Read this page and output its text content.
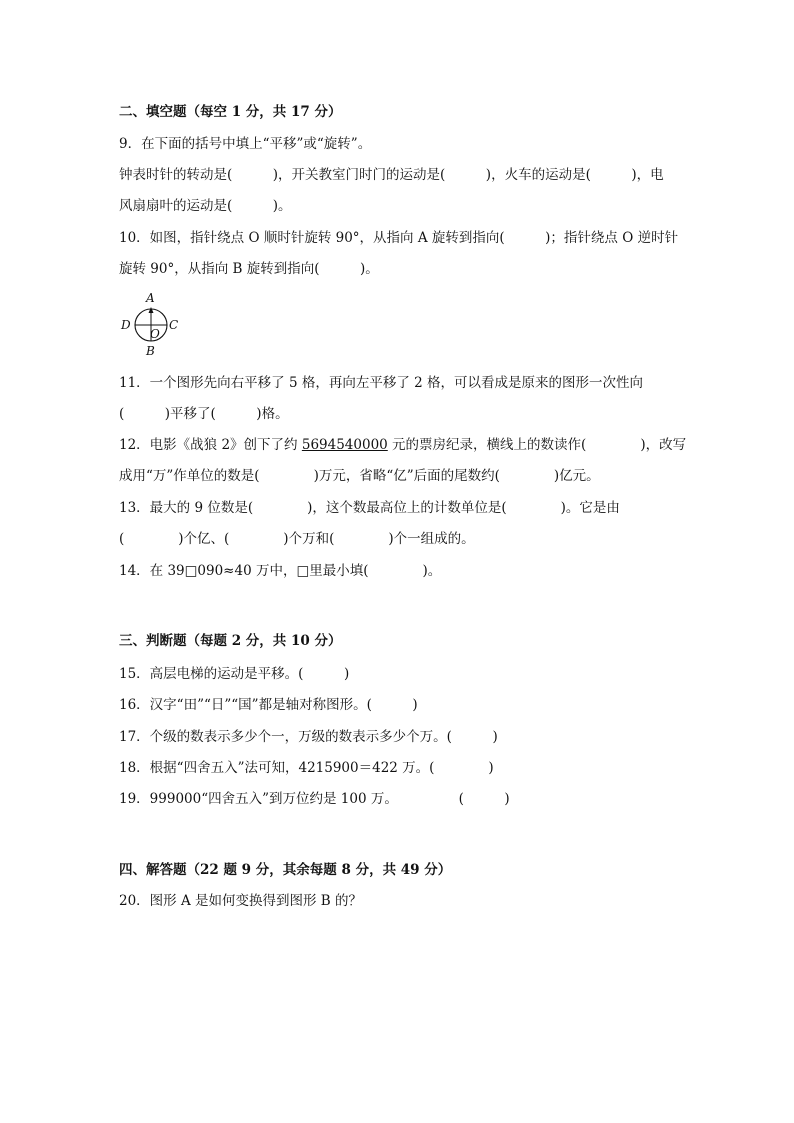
二、填空题（每空 1 分，共 17 分）
9．在下面的括号中填上“平移”或“旋转”。
钟表时针的转动是(　　　)，开关教室门时门的运动是(　　　)，火车的运动是(　　　)，电
风扇扇叶的运动是(　　　)。
10．如图，指针绕点 O 顺时针旋转 90°，从指向 A 旋转到指向(　　　)；指针绕点 O 逆时针
旋转 90°，从指向 B 旋转到指向(　　　)。
A
B
C
D
O
11．一个图形先向右平移了 5 格，再向左平移了 2 格，可以看成是原来的图形一次性向
(　　　)平移了(　　　)格。
12．电影《战狼 2》创下了约 5694540000 元的票房纪录，横线上的数读作(　　　　)，改写
成用“万”作单位的数是(　　　　)万元，省略“亿”后面的尾数约(　　　　)亿元。
13．最大的 9 位数是(　　　　)，这个数最高位上的计数单位是(　　　　)。它是由
(　　　　)个亿、(　　　　)个万和(　　　　)个一组成的。
14．在 39□090≈40 万中，□里最小填(　　　　)。
三、判断题（每题 2 分，共 10 分）
15．高层电梯的运动是平移。(　　　)
16．汉字“田”“日”“国”都是轴对称图形。(　　　)
17．个级的数表示多少个一，万级的数表示多少个万。(　　　)
18．根据“四舍五入”法可知，4215900＝422 万。(　　　　)
19．999000“四舍五入”到万位约是 100 万。　　　　　(　　　)
四、解答题（22 题 9 分，其余每题 8 分，共 49 分）
20．图形 A 是如何变换得到图形 B 的？
